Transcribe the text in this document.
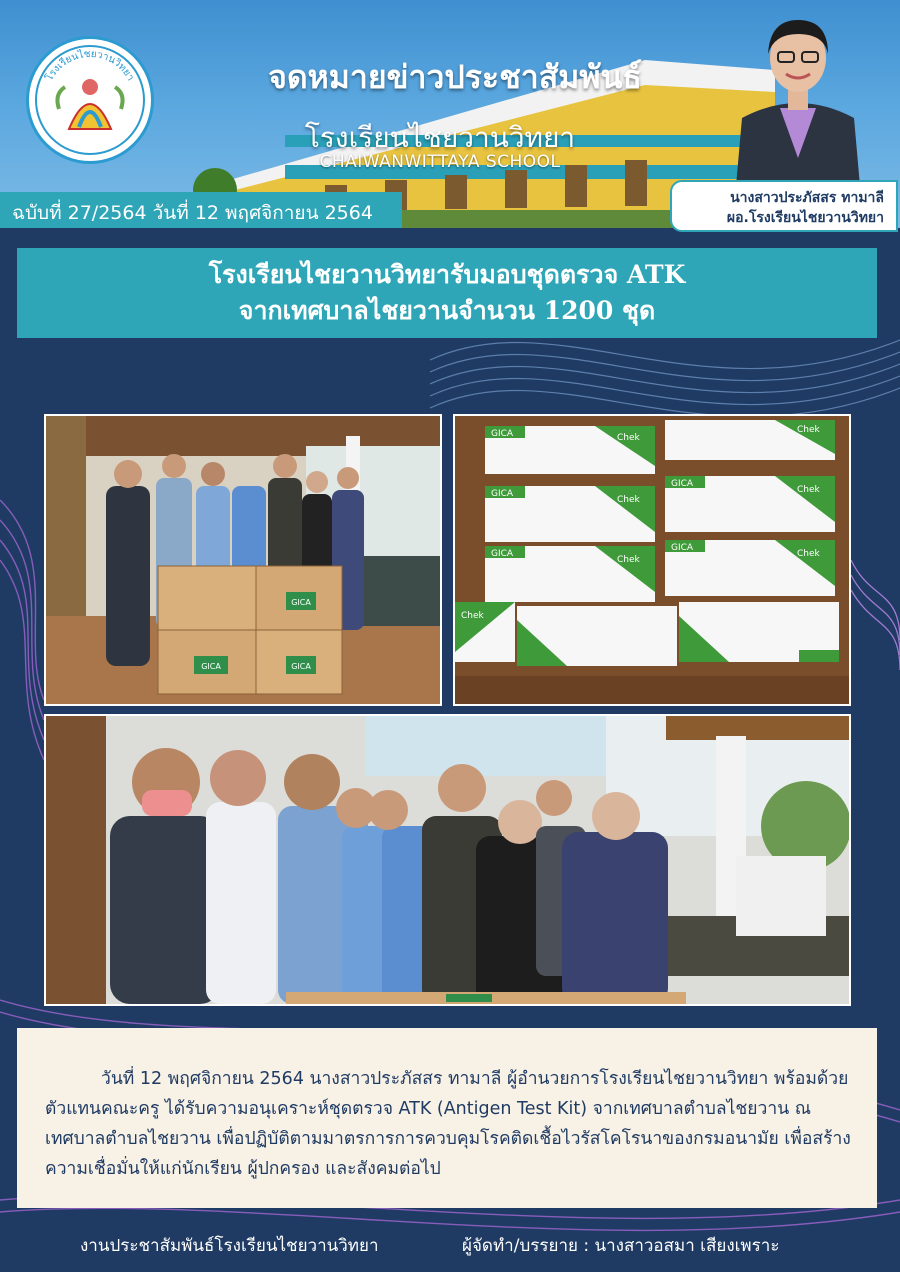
โรงเรียนไชยวานวิทยา	จดหมายข่าวประชาสัมพันธ์
โรงเรียนไชยวานวิทยา
CHAIWANWITTAYA SCHOOL
ฉบับที่ 27/2564 วันที่ 12 พฤศจิกายน 2564
นางสาวประภัสสร ทามาลี
ผอ.โรงเรียนไชยวานวิทยา
โรงเรียนไชยวานวิทยารับมอบชุดตรวจ ATK
จากเทศบาลไชยวานจำนวน 1200 ชุด
GICA
GICA
GICA
GICA	Chek
Chek
GICA
Chek
GICA
Chek
GICA
Chek
GICA
Chek
Chek

วันที่ 12 พฤศจิกายน 2564 นางสาวประภัสสร ทามาลี ผู้อำนวยการโรงเรียนไชยวานวิทยา พร้อมด้วยตัวแทนคณะครู ได้รับความอนุเคราะห์ชุดตรวจ ATK (Antigen Test Kit) จากเทศบาลตำบลไชยวาน ณ เทศบาลตำบลไชยวาน เพื่อปฏิบัติตามมาตรการการควบคุมโรคติดเชื้อไวรัสโคโรนาของกรมอนามัย เพื่อสร้างความเชื่อมั่นให้แก่นักเรียน ผู้ปกครอง และสังคมต่อไป

งานประชาสัมพันธ์โรงเรียนไชยวานวิทยา	ผู้จัดทำ/บรรยาย : นางสาวอสมา เสียงเพราะ
